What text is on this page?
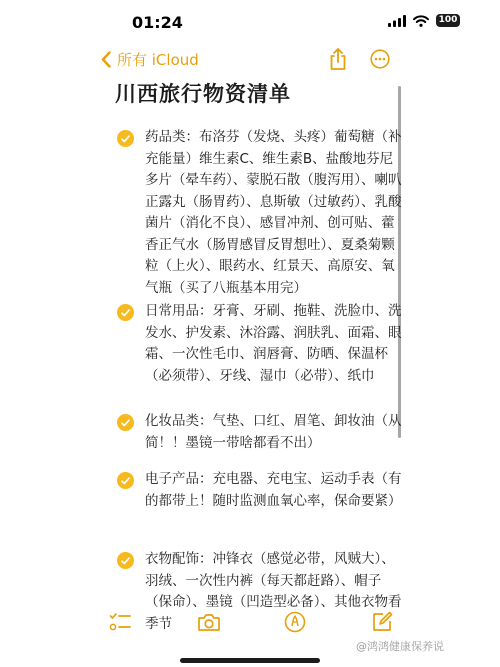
01:24	100
所有 iCloud
川西旅行物资清单
药品类：布洛芬（发烧、头疼）葡萄糖（补充能量）维生素C、维生素B、盐酸地芬尼多片（晕车药）、蒙脱石散（腹泻用）、喇叭正露丸（肠胃药）、息斯敏（过敏药）、乳酸菌片（消化不良）、感冒冲剂、创可贴、藿香正气水（肠胃感冒反胃想吐）、夏桑菊颗粒（上火）、眼药水、红景天、高原安、氧气瓶（买了八瓶基本用完）
日常用品：牙膏、牙刷、拖鞋、洗脸巾、洗发水、护发素、沐浴露、润肤乳、面霜、眼霜、一次性毛巾、润唇膏、防晒、保温杯（必须带）、牙线、湿巾（必带）、纸巾
化妆品类：气垫、口红、眉笔、卸妆油（从简！！墨镜一带啥都看不出）
电子产品：充电器、充电宝、运动手表（有的都带上！随时监测血氧心率，保命要紧）
衣物配饰：冲锋衣（感觉必带，风贼大）、羽绒、一次性内裤（每天都赶路）、帽子（保命）、墨镜（凹造型必备）、其他衣物看季节
@鸿鸿健康保养说
